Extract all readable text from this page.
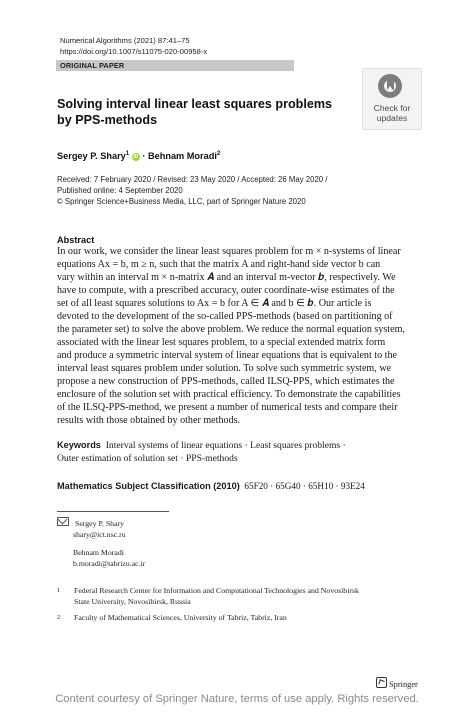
Numerical Algorithms (2021) 87:41–75
https://doi.org/10.1007/s11075-020-00958-x
ORIGINAL PAPER
Check for
updates
Solving interval linear least squares problems
by PPS-methods
Sergey P. Shary$^1$ iD · Behnam Moradi$^2$
Received: 7 February 2020 / Revised: 23 May 2020 / Accepted: 26 May 2020 /
Published online: 4 September 2020
© Springer Science+Business Media, LLC, part of Springer Nature 2020
Abstract
In our work, we consider the linear least squares problem for m × n-systems of linear
equations Ax = b, m ≥ n, such that the matrix A and right-hand side vector b can
vary within an interval m × n-matrix 𝑨 and an interval m-vector 𝒃, respectively. We
have to compute, with a prescribed accuracy, outer coordinate-wise estimates of the
set of all least squares solutions to Ax = b for A ∈ 𝑨 and b ∈ 𝒃. Our article is
devoted to the development of the so-called PPS-methods (based on partitioning of
the parameter set) to solve the above problem. We reduce the normal equation system,
associated with the linear lest squares problem, to a special extended matrix form
and produce a symmetric interval system of linear equations that is equivalent to the
interval least squares problem under solution. To solve such symmetric system, we
propose a new construction of PPS-methods, called ILSQ-PPS, which estimates the
enclosure of the solution set with practical efficiency. To demonstrate the capabilities
of the ILSQ-PPS-method, we present a number of numerical tests and compare their
results with those obtained by other methods.
Keywords Interval systems of linear equations · Least squares problems ·
Outer estimation of solution set · PPS-methods
Mathematics Subject Classification (2010) 65F20 · 65G40 · 65H10 · 93E24
Sergey P. Shary
shary@ict.nsc.ru
Behnam Moradi
b.moradi@tabrizu.ac.ir
1	Federal Research Center for Information and Computational Technologies and Novosibirsk
State University, Novosibirsk, Russia
2	Faculty of Mathematical Sciences, University of Tabriz, Tabriz, Iran
Springer
Content courtesy of Springer Nature, terms of use apply. Rights reserved.
